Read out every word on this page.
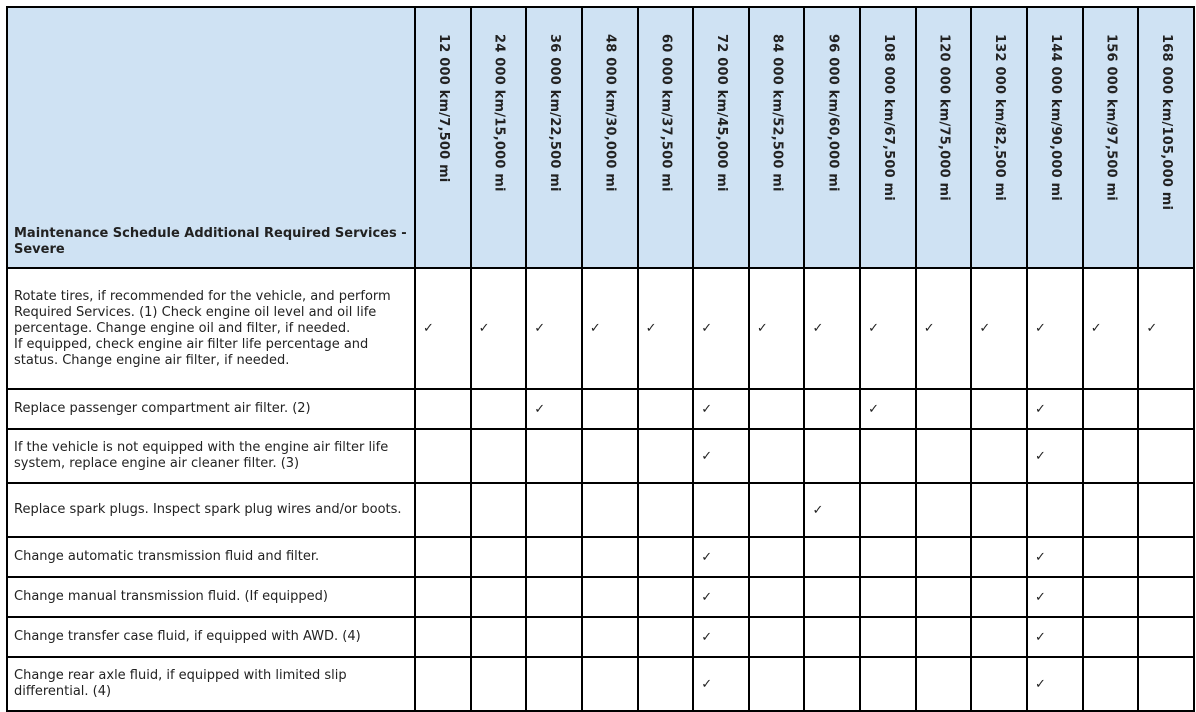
Maintenance Schedule Additional Required Services - Severe	12 000 km/7,500 mi	24 000 km/15,000 mi	36 000 km/22,500 mi	48 000 km/30,000 mi	60 000 km/37,500 mi	72 000 km/45,000 mi	84 000 km/52,500 mi	96 000 km/60,000 mi	108 000 km/67,500 mi	120 000 km/75,000 mi	132 000 km/82,500 mi	144 000 km/90,000 mi	156 000 km/97,500 mi	168 000 km/105,000 mi

Rotate tires, if recommended for the vehicle, and perform Required Services. (1) Check engine oil level and oil life percentage. Change engine oil and filter, if needed.

If equipped, check engine air filter life percentage and status. Change engine air filter, if needed.	✓	✓	✓	✓	✓	✓	✓	✓	✓	✓	✓	✓	✓	✓

Replace passenger compartment air filter. (2)			✓			✓			✓			✓		

If the vehicle is not equipped with the engine air filter life system, replace engine air cleaner filter. (3)						✓						✓		

Replace spark plugs. Inspect spark plug wires and/or boots.								✓						

Change automatic transmission fluid and filter.						✓						✓		

Change manual transmission fluid. (If equipped)						✓						✓		

Change transfer case fluid, if equipped with AWD. (4)						✓						✓		

Change rear axle fluid, if equipped with limited slip differential. (4)						✓						✓		
